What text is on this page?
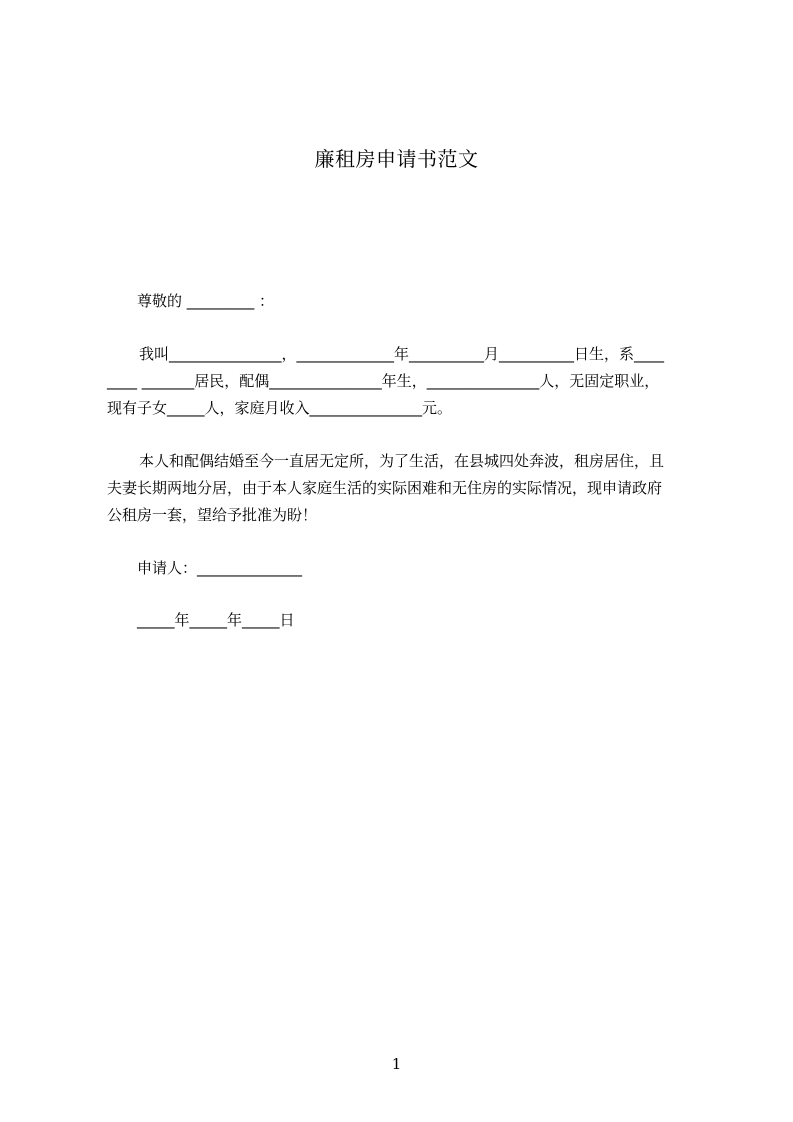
廉租房申请书范文
尊敬的 _________ ：
我叫_______________，_____________年__________月__________日生，系____
____ _______居民，配偶_______________年生，_______________人，无固定职业，
现有子女_____人，家庭月收入_______________元。
本人和配偶结婚至今一直居无定所，为了生活，在县城四处奔波，租房居住，且
夫妻长期两地分居，由于本人家庭生活的实际困难和无住房的实际情况，现申请政府
公租房一套，望给予批准为盼！
申请人：______________
_____年_____年_____日
1
